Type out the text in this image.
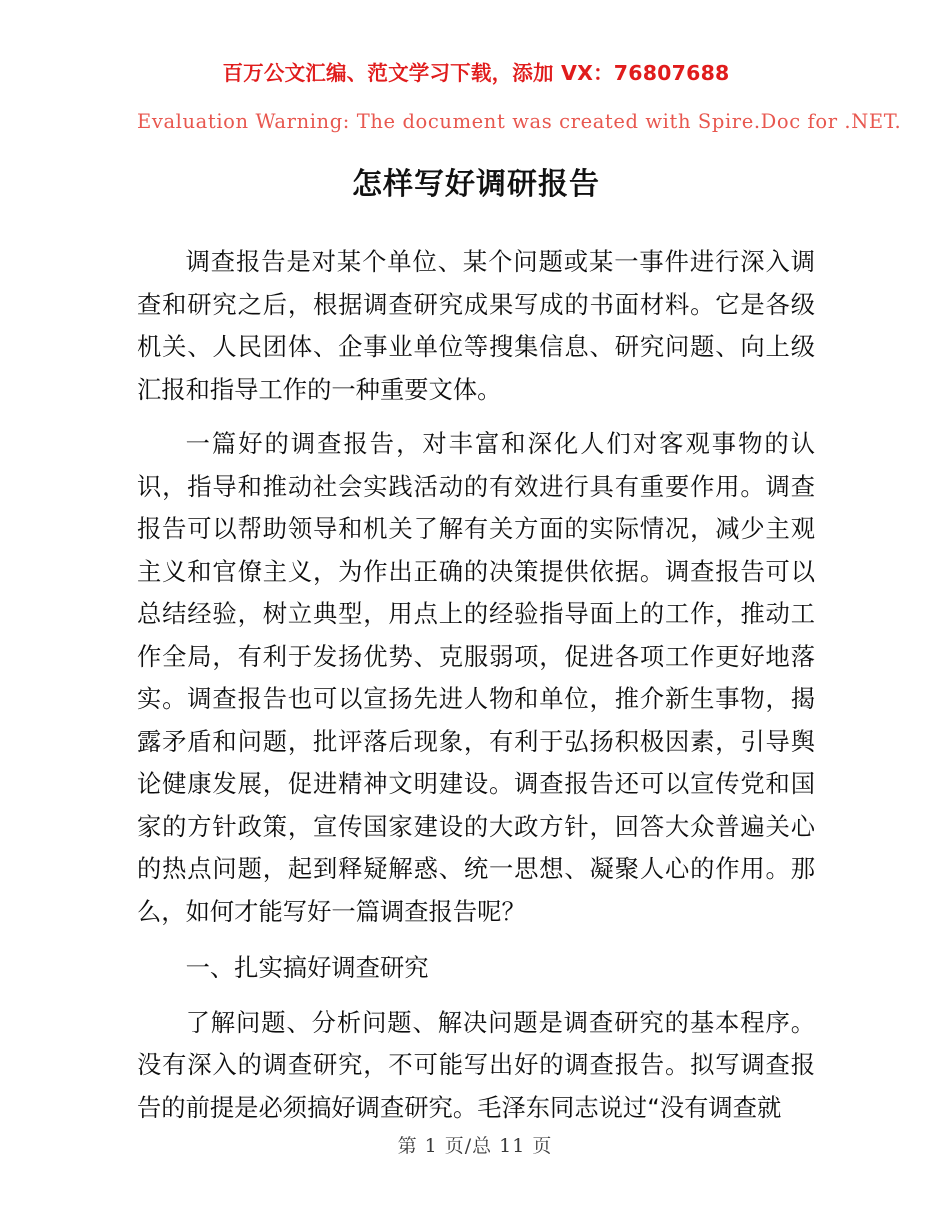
百万公文汇编、范文学习下载，添加 VX：76807688
Evaluation Warning: The document was created with Spire.Doc for .NET.
怎样写好调研报告

调查报告是对某个单位、某个问题或某一事件进行深入调查和研究之后，根据调查研究成果写成的书面材料。它是各级机关、人民团体、企事业单位等搜集信息、研究问题、向上级汇报和指导工作的一种重要文体。

一篇好的调查报告，对丰富和深化人们对客观事物的认识，指导和推动社会实践活动的有效进行具有重要作用。调查报告可以帮助领导和机关了解有关方面的实际情况，减少主观主义和官僚主义，为作出正确的决策提供依据。调查报告可以总结经验，树立典型，用点上的经验指导面上的工作，推动工作全局，有利于发扬优势、克服弱项，促进各项工作更好地落实。调查报告也可以宣扬先进人物和单位，推介新生事物，揭露矛盾和问题，批评落后现象，有利于弘扬积极因素，引导舆论健康发展，促进精神文明建设。调查报告还可以宣传党和国家的方针政策，宣传国家建设的大政方针，回答大众普遍关心的热点问题，起到释疑解惑、统一思想、凝聚人心的作用。那么，如何才能写好一篇调查报告呢？

一、扎实搞好调查研究

了解问题、分析问题、解决问题是调查研究的基本程序。没有深入的调查研究，不可能写出好的调查报告。拟写调查报告的前提是必须搞好调查研究。毛泽东同志说过“没有调查就

第 1 页/总 11 页
